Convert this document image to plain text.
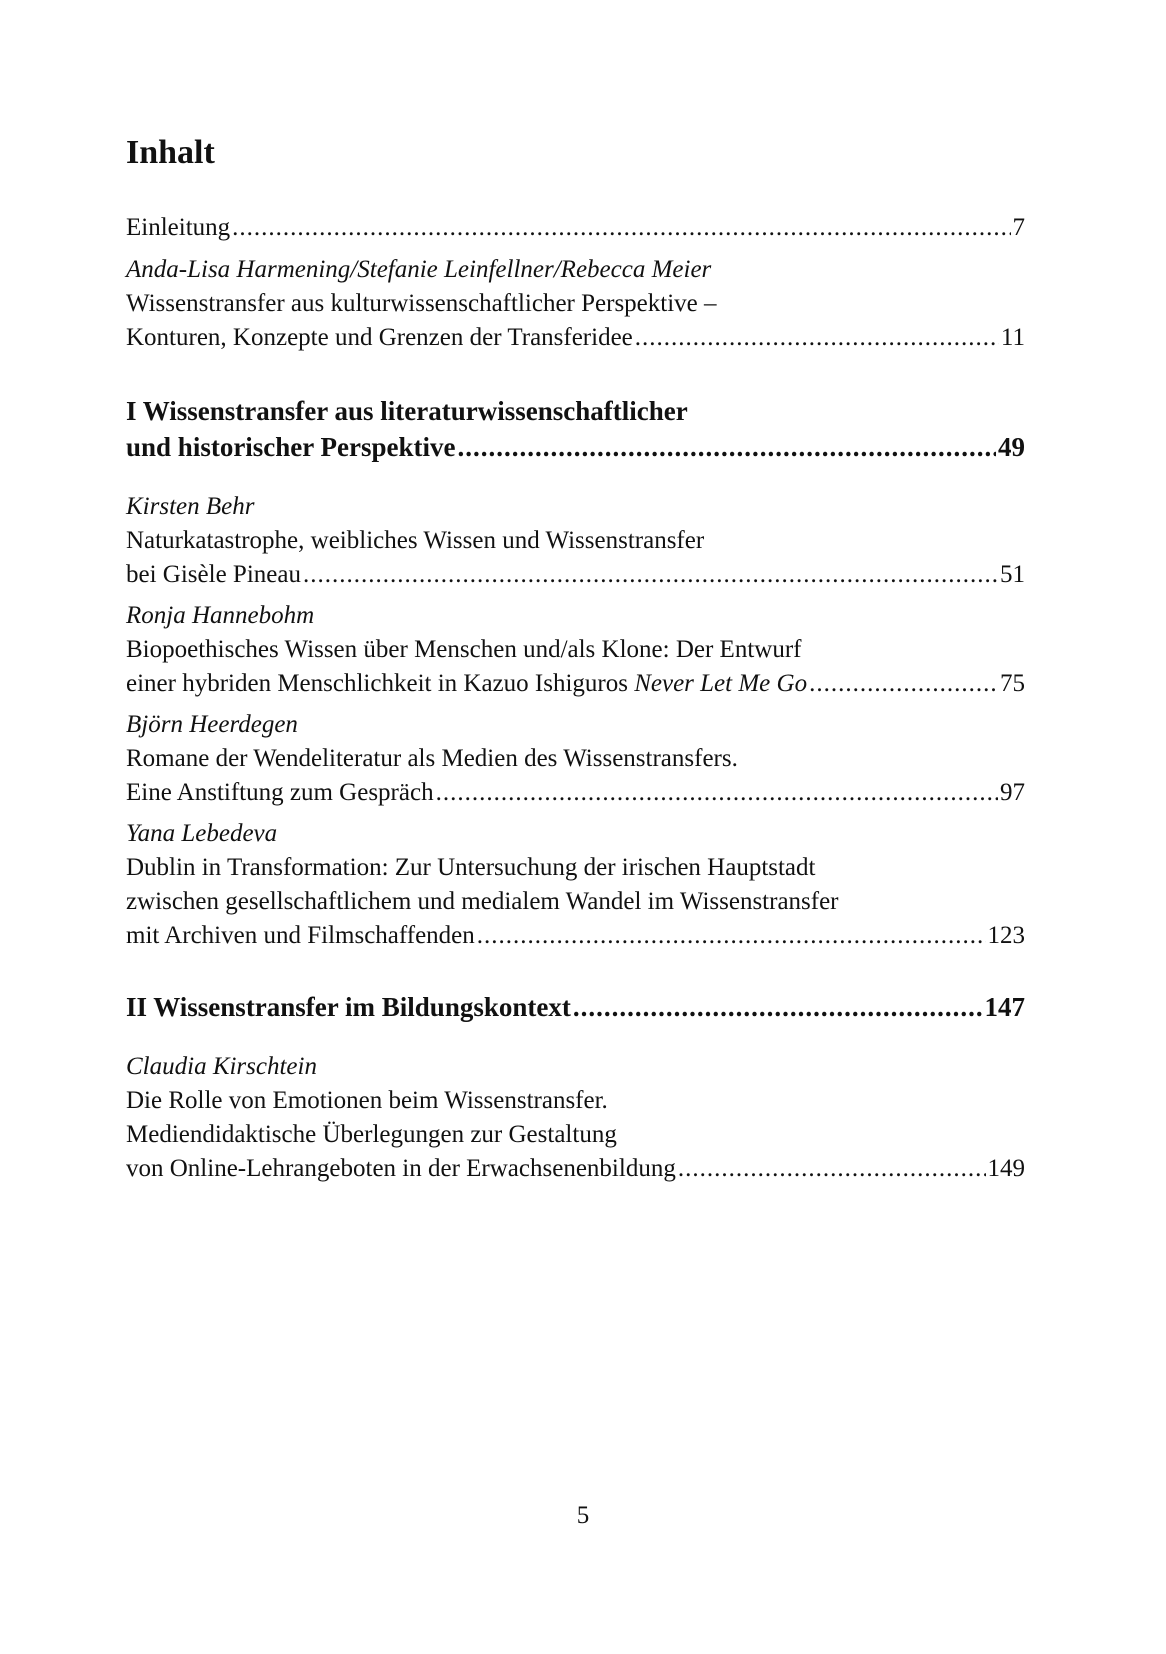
Inhalt
Einleitung .....	7
Anda-Lisa Harmening/Stefanie Leinfellner/Rebecca Meier
Wissenstransfer aus kulturwissenschaftlicher Perspektive –
Konturen, Konzepte und Grenzen der Transferidee .....	11
I Wissenstransfer aus literaturwissenschaftlicher
und historischer Perspektive .....	49
Kirsten Behr
Naturkatastrophe, weibliches Wissen und Wissenstransfer
bei Gisèle Pineau .....	51
Ronja Hannebohm
Biopoethisches Wissen über Menschen und/als Klone: Der Entwurf
einer hybriden Menschlichkeit in Kazuo Ishiguros Never Let Me Go .....	75
Björn Heerdegen
Romane der Wendeliteratur als Medien des Wissenstransfers.
Eine Anstiftung zum Gespräch .....	97
Yana Lebedeva
Dublin in Transformation: Zur Untersuchung der irischen Hauptstadt
zwischen gesellschaftlichem und medialem Wandel im Wissenstransfer
mit Archiven und Filmschaffenden .....	123
II Wissenstransfer im Bildungskontext .....	147
Claudia Kirschtein
Die Rolle von Emotionen beim Wissenstransfer.
Mediendidaktische Überlegungen zur Gestaltung
von Online-Lehrangeboten in der Erwachsenenbildung .....	149
5
